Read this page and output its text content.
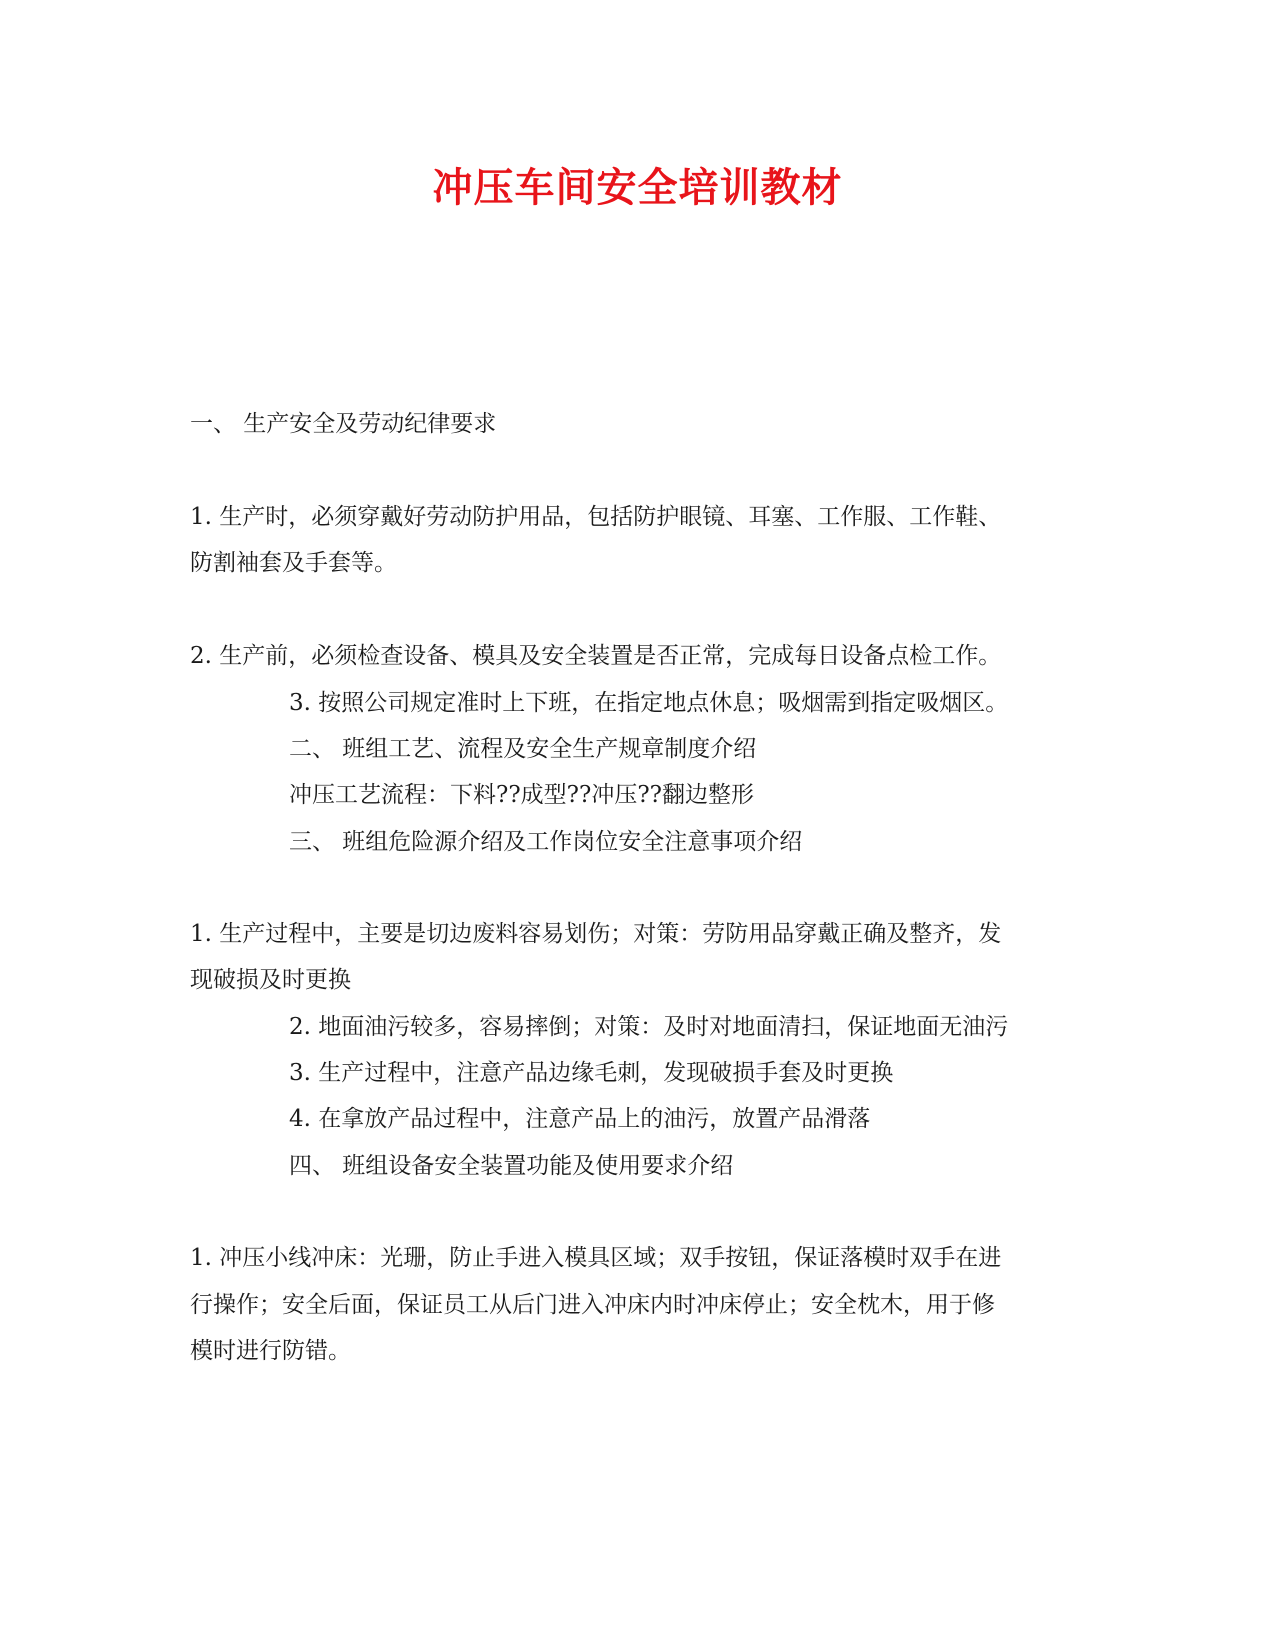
冲压车间安全培训教材
一、 生产安全及劳动纪律要求
1. 生产时，必须穿戴好劳动防护用品，包括防护眼镜、耳塞、工作服、工作鞋、
防割袖套及手套等。
2. 生产前，必须检查设备、模具及安全装置是否正常，完成每日设备点检工作。
3. 按照公司规定准时上下班，在指定地点休息；吸烟需到指定吸烟区。
二、 班组工艺、流程及安全生产规章制度介绍
冲压工艺流程：下料??成型??冲压??翻边整形
三、 班组危险源介绍及工作岗位安全注意事项介绍
1. 生产过程中，主要是切边废料容易划伤；对策：劳防用品穿戴正确及整齐，发
现破损及时更换
2. 地面油污较多，容易摔倒；对策：及时对地面清扫，保证地面无油污
3. 生产过程中，注意产品边缘毛刺，发现破损手套及时更换
4. 在拿放产品过程中，注意产品上的油污，放置产品滑落
四、 班组设备安全装置功能及使用要求介绍
1. 冲压小线冲床：光珊，防止手进入模具区域；双手按钮，保证落模时双手在进
行操作；安全后面，保证员工从后门进入冲床内时冲床停止；安全枕木，用于修
模时进行防错。
